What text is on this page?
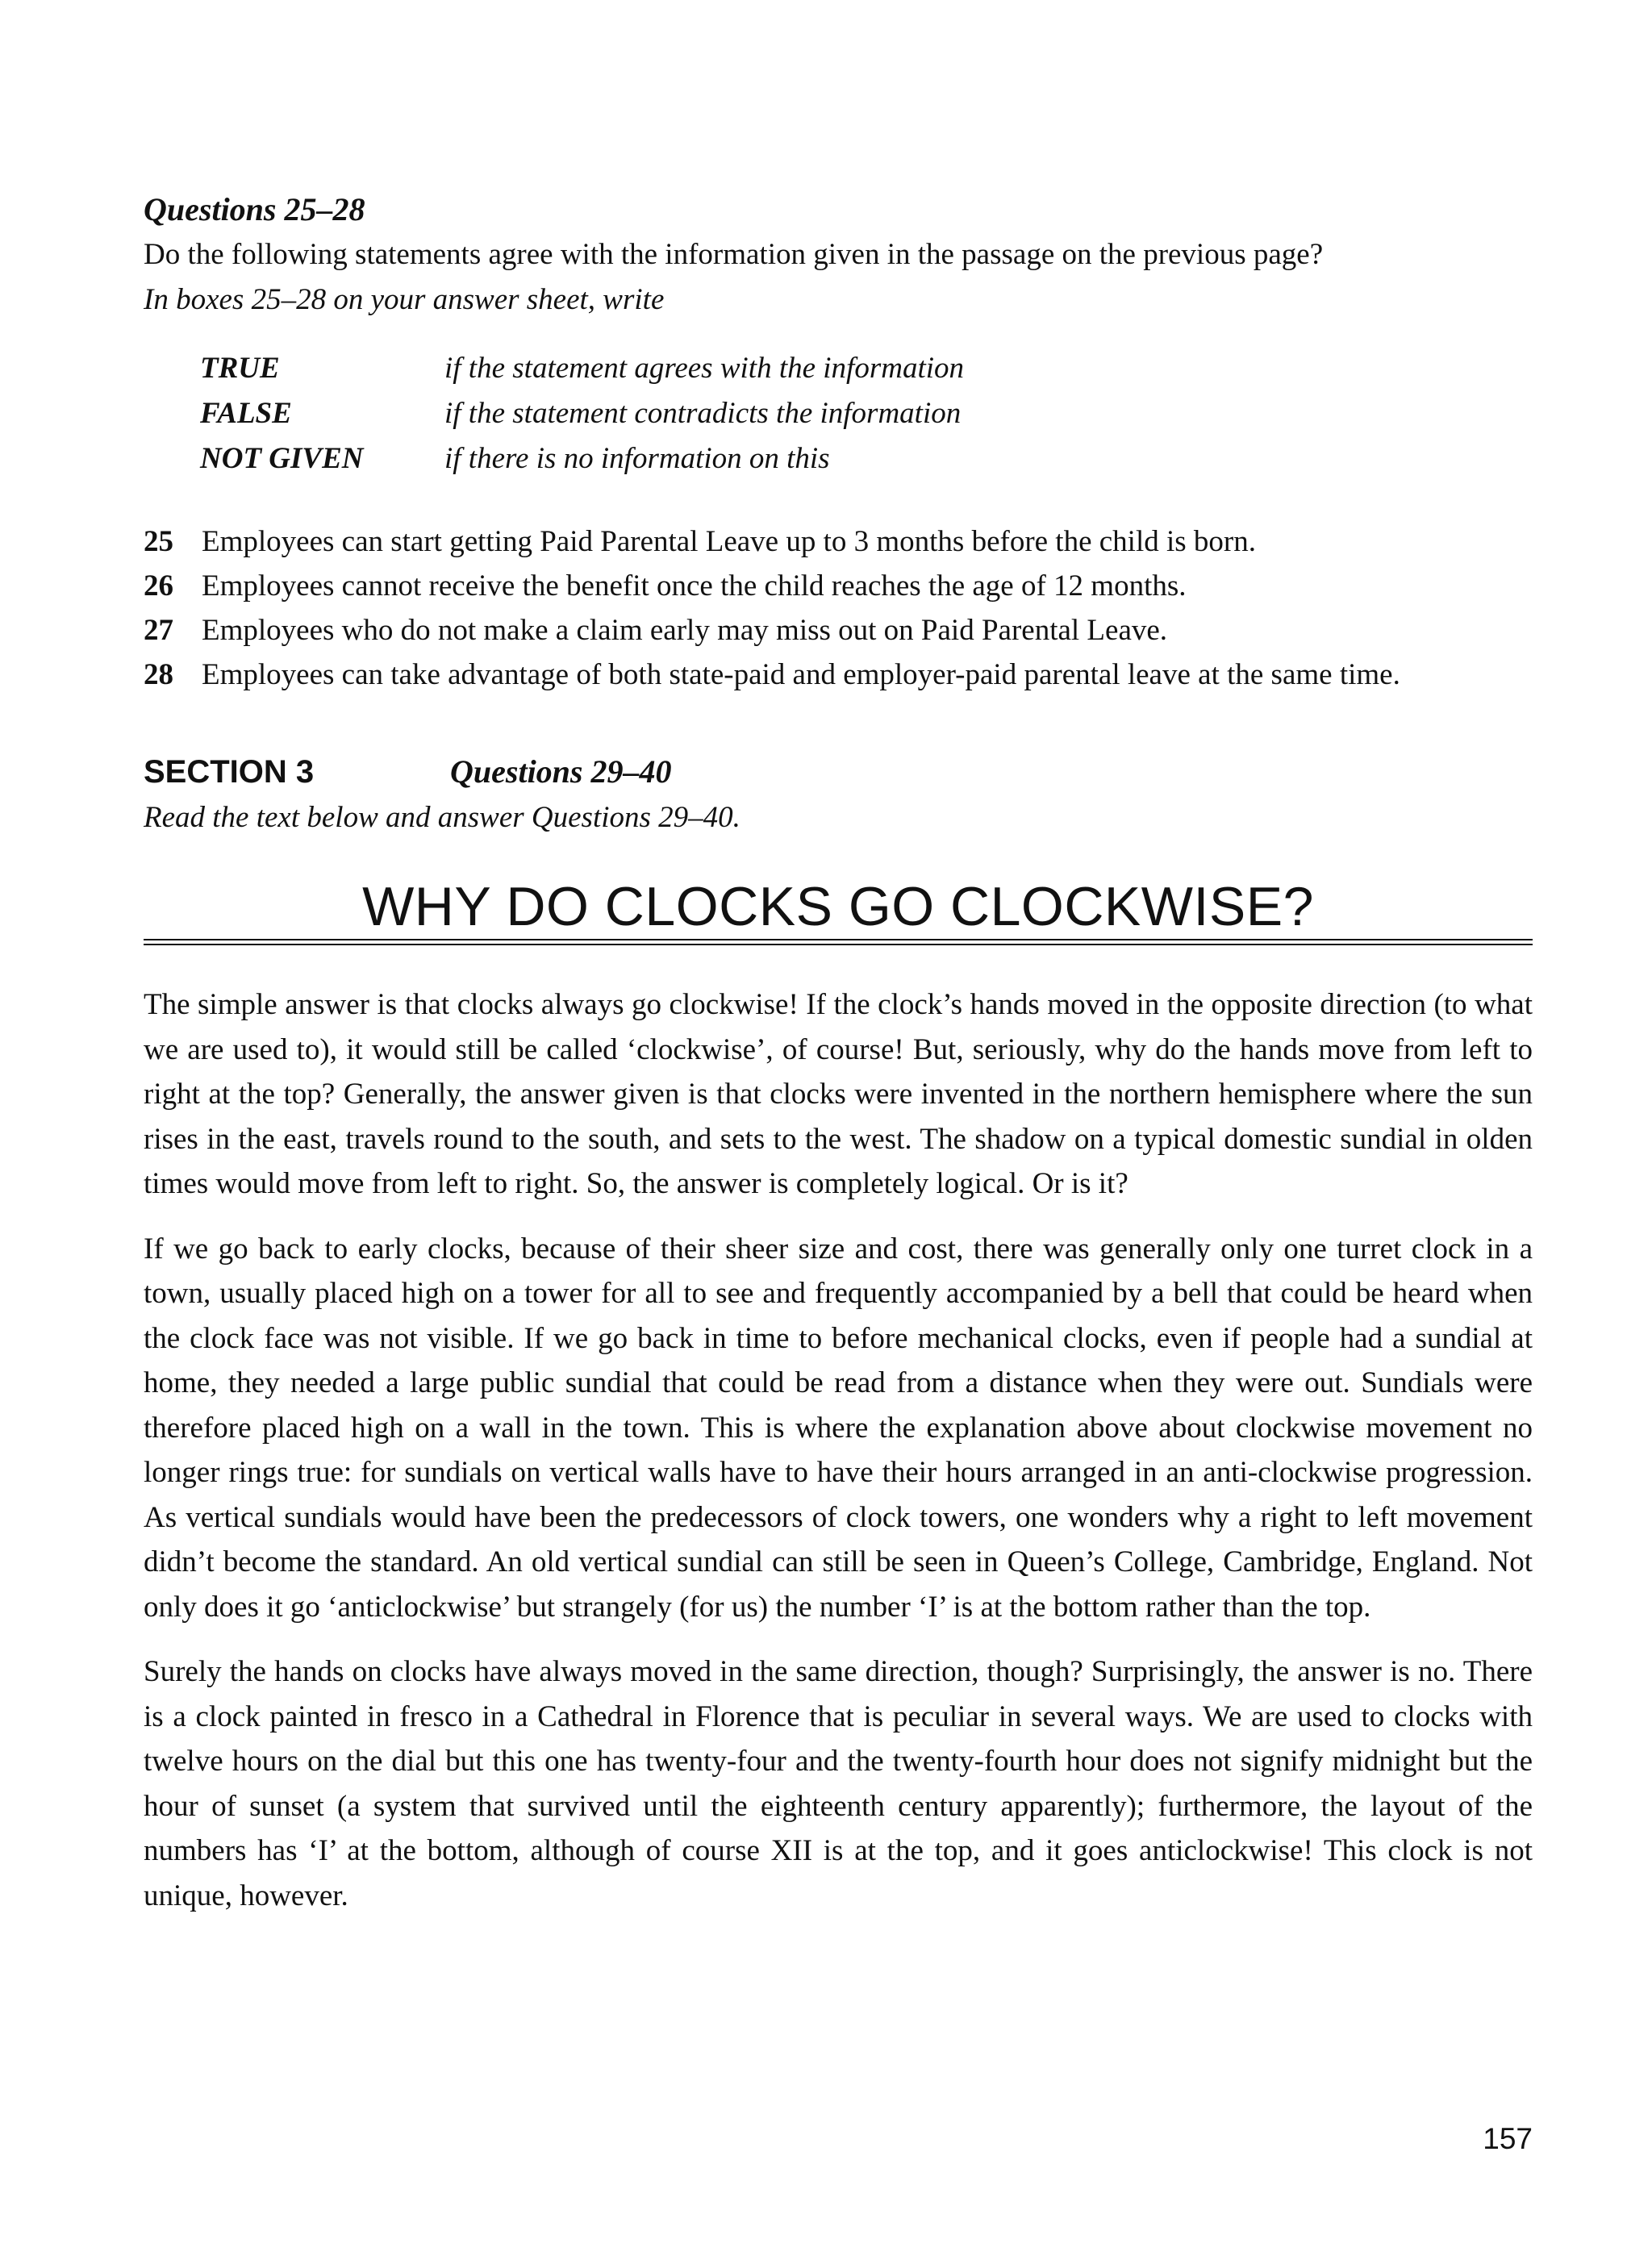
Questions 25–28

Do the following statements agree with the information given in the passage on the previous page?

In boxes 25–28 on your answer sheet, write

TRUE	if the statement agrees with the information
FALSE	if the statement contradicts the information
NOT GIVEN	if there is no information on this
25 Employees can start getting Paid Parental Leave up to 3 months before the child is born.
26 Employees cannot receive the benefit once the child reaches the age of 12 months.
27 Employees who do not make a claim early may miss out on Paid Parental Leave.
28 Employees can take advantage of both state-paid and employer-paid parental leave at the same time.
SECTION 3	Questions 29–40

Read the text below and answer Questions 29–40.

WHY DO CLOCKS GO CLOCKWISE?

The simple answer is that clocks always go clockwise! If the clock’s hands moved in the opposite direction (to what we are used to), it would still be called ‘clockwise’, of course! But, seriously, why do the hands move from left to right at the top? Generally, the answer given is that clocks were invented in the northern hemisphere where the sun rises in the east, travels round to the south, and sets to the west. The shadow on a typical domestic sundial in olden times would move from left to right. So, the answer is completely logical. Or is it?

If we go back to early clocks, because of their sheer size and cost, there was generally only one turret clock in a town, usually placed high on a tower for all to see and frequently accompanied by a bell that could be heard when the clock face was not visible. If we go back in time to before mechanical clocks, even if people had a sundial at home, they needed a large public sundial that could be read from a distance when they were out. Sundials were therefore placed high on a wall in the town. This is where the explanation above about clockwise movement no longer rings true: for sundials on vertical walls have to have their hours arranged in an anti-clockwise progression. As vertical sundials would have been the predecessors of clock towers, one wonders why a right to left movement didn’t become the standard. An old vertical sundial can still be seen in Queen’s College, Cambridge, England. Not only does it go ‘anticlockwise’ but strangely (for us) the number ‘I’ is at the bottom rather than the top.

Surely the hands on clocks have always moved in the same direction, though? Surprisingly, the answer is no. There is a clock painted in fresco in a Cathedral in Florence that is peculiar in several ways. We are used to clocks with twelve hours on the dial but this one has twenty-four and the twenty-fourth hour does not signify midnight but the hour of sunset (a system that survived until the eighteenth century apparently); furthermore, the layout of the numbers has ‘I’ at the bottom, although of course XII is at the top, and it goes anticlockwise! This clock is not unique, however.

157
